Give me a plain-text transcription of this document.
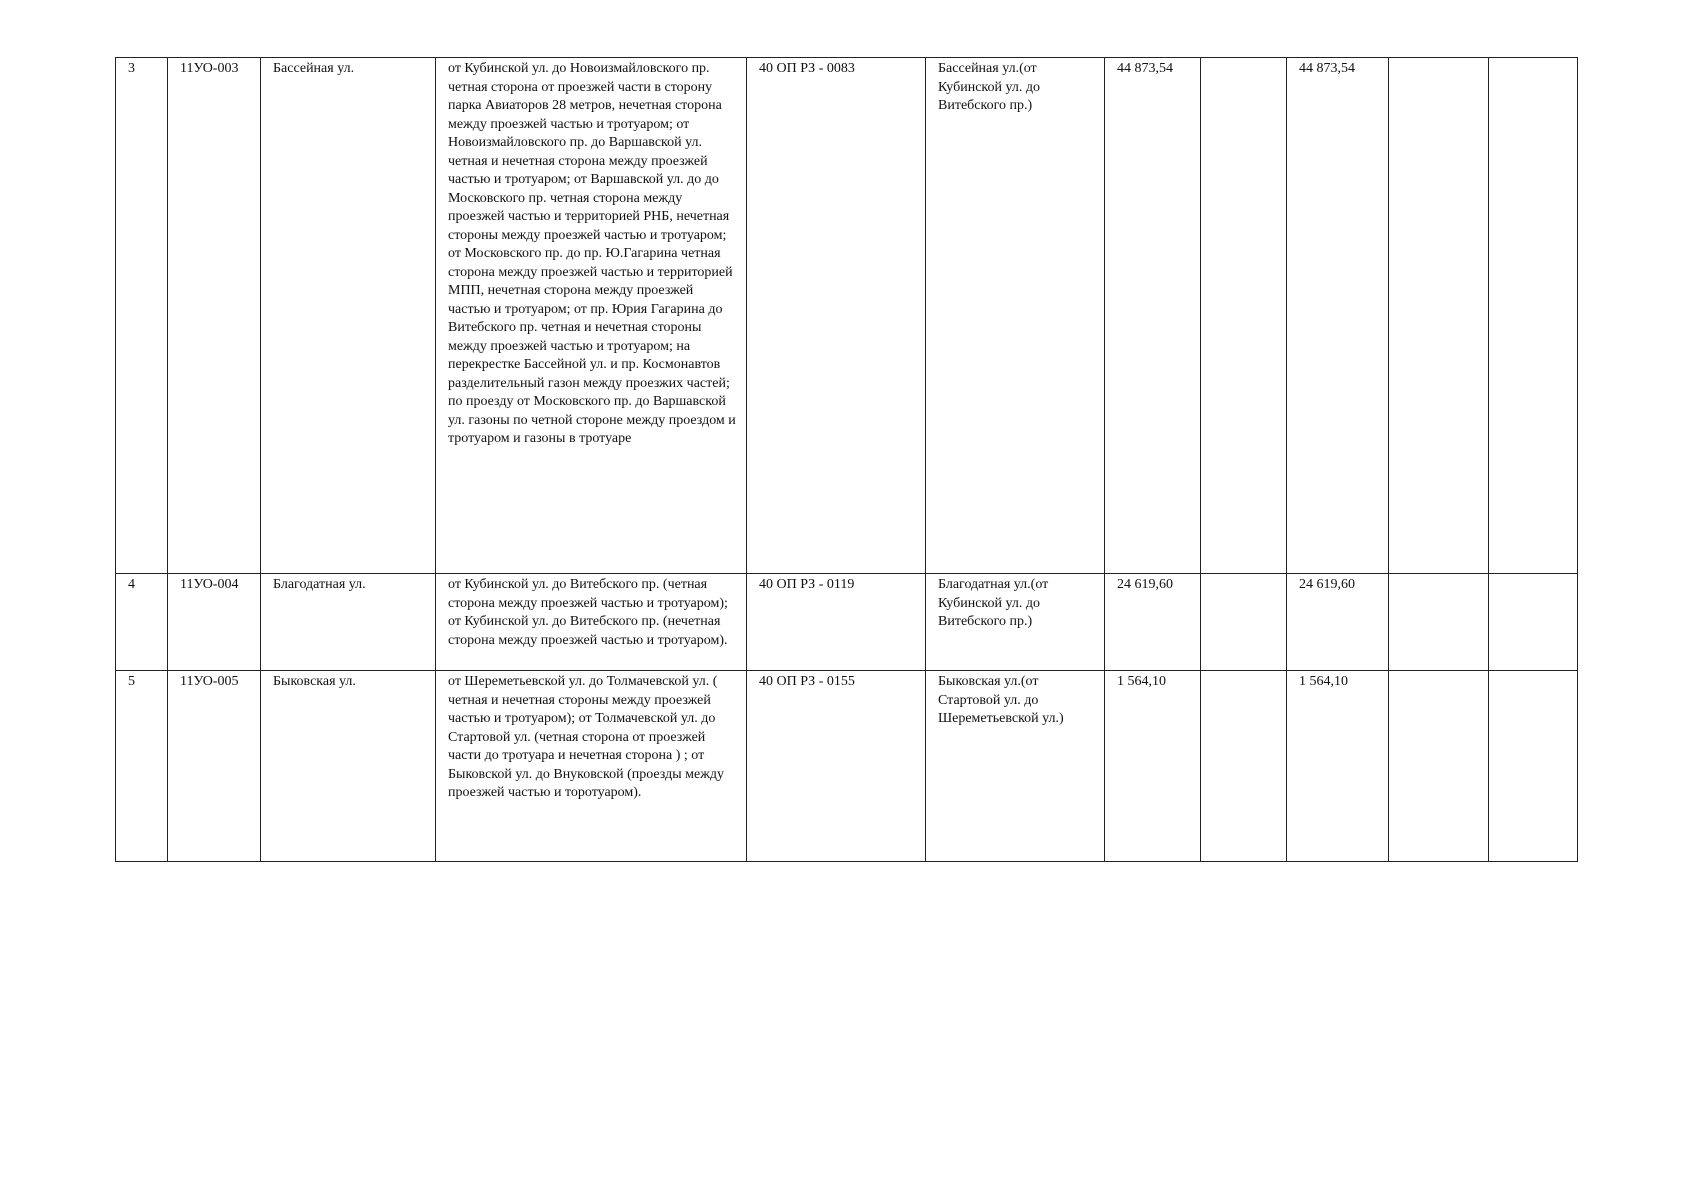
3	11УО-003	Бассейная ул.	от Кубинской ул. до Новоизмайловского пр. четная сторона от проезжей части в сторону парка Авиаторов 28 метров, нечетная сторона между проезжей частью и тротуаром; от Новоизмайловского пр. до Варшавской ул. четная и нечетная сторона между проезжей частью и тротуаром; от Варшавской ул. до до Московского пр. четная сторона между проезжей частью и территорией РНБ, нечетная стороны между проезжей частью и тротуаром; от Московского пр. до пр. Ю.Гагарина четная сторона между проезжей частью и территорией МПП, нечетная сторона между проезжей частью и тротуаром; от пр. Юрия Гагарина до Витебского пр. четная и нечетная стороны между проезжей частью и тротуаром; на перекрестке Бассейной ул. и пр. Космонавтов разделительный газон между проезжих частей; по проезду от Московского пр. до Варшавской ул. газоны по четной стороне между проездом и тротуаром и газоны в тротуаре	40 ОП РЗ - 0083	Бассейная ул.(от Кубинской ул. до Витебского пр.)	44 873,54		44 873,54		
4	11УО-004	Благодатная ул.	от Кубинской ул. до Витебского пр. (четная сторона между проезжей частью и тротуаром); от Кубинской ул. до Витебского пр. (нечетная сторона между проезжей частью и тротуаром).	40 ОП РЗ - 0119	Благодатная ул.(от Кубинской ул. до Витебского пр.)	24 619,60		24 619,60		
5	11УО-005	Быковская ул.	от Шереметьевской ул. до Толмачевской ул. ( четная и нечетная стороны между проезжей частью и тротуаром); от Толмачевской ул. до Стартовой ул. (четная сторона от проезжей части до тротуара и нечетная сторона ) ; от Быковской ул. до Внуковской (проезды между проезжей частью и торотуаром).	40 ОП РЗ - 0155	Быковская ул.(от Стартовой ул. до Шереметьевской ул.)	1 564,10		1 564,10		
